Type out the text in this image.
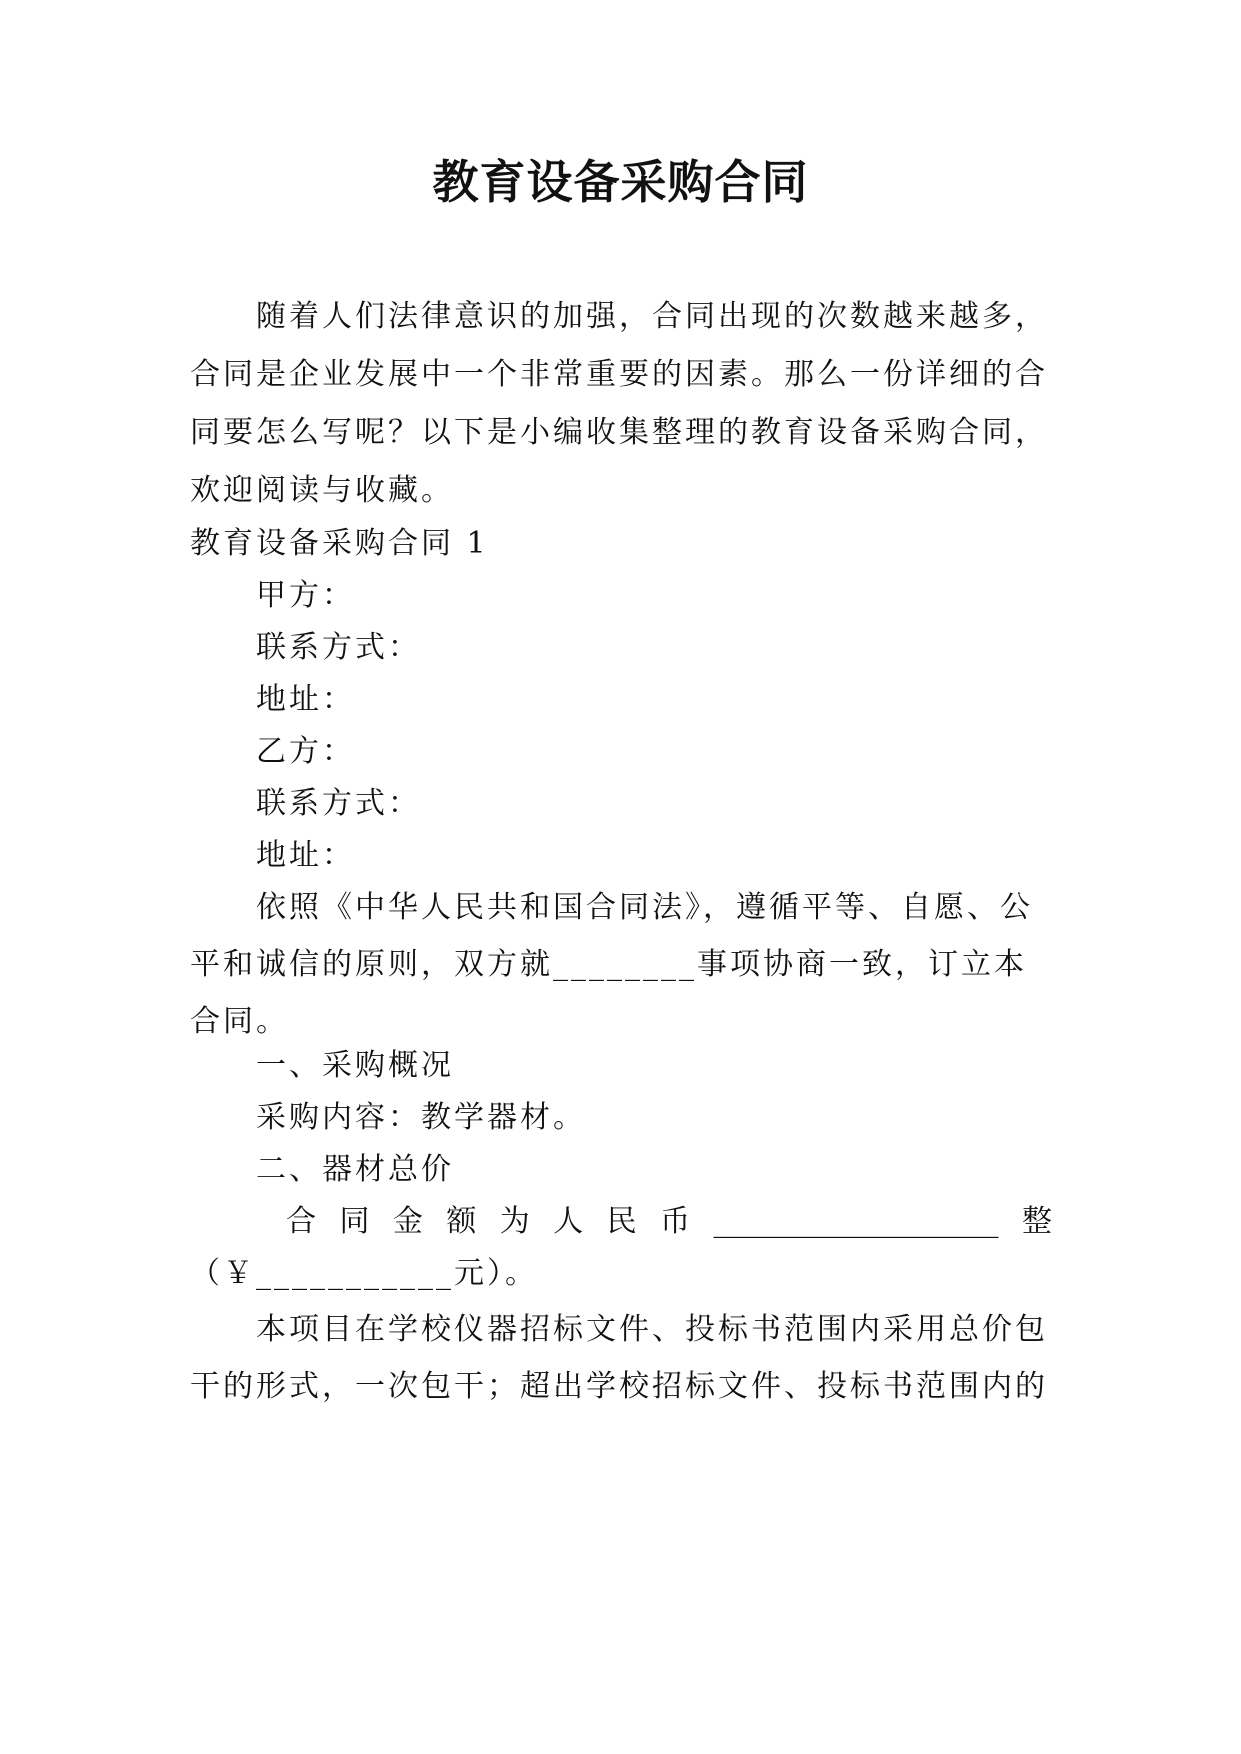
教育设备采购合同
随着人们法律意识的加强，合同出现的次数越来越多，合同是企业发展中一个非常重要的因素。那么一份详细的合同要怎么写呢？以下是小编收集整理的教育设备采购合同，欢迎阅读与收藏。
教育设备采购合同 1
甲方：
联系方式：
地址：
乙方：
联系方式：
地址：
依照《中华人民共和国合同法》，遵循平等、自愿、公平和诚信的原则，双方就________事项协商一致，订立本合同。
一、采购概况
采购内容：教学器材。
二、器材总价
合 同 金 额 为 人 民 币 ___________________ 整
（￥___________元）。
本项目在学校仪器招标文件、投标书范围内采用总价包干的形式，一次包干；超出学校招标文件、投标书范围内的
